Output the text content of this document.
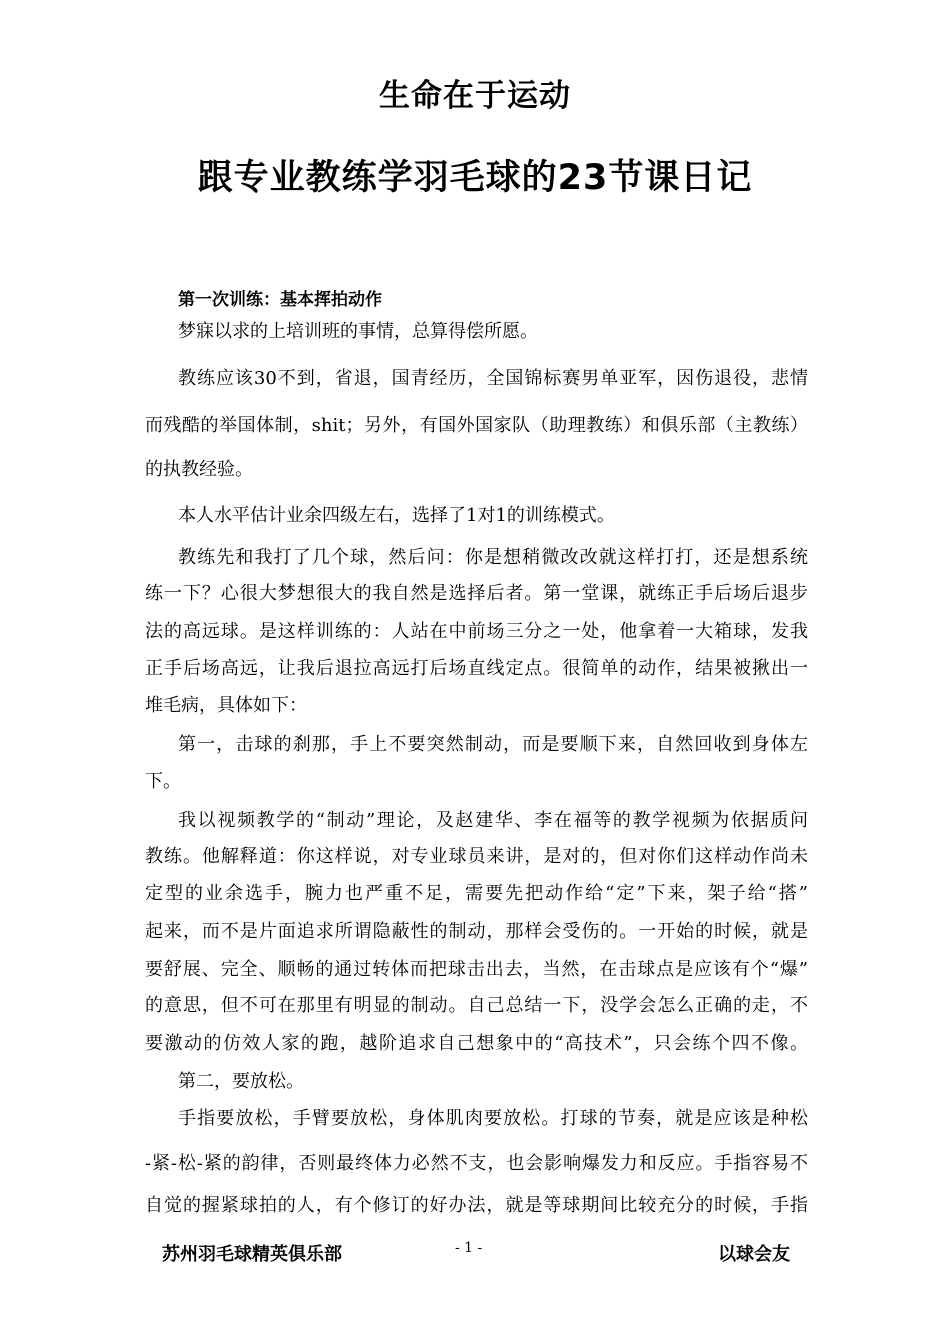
生命在于运动
跟专业教练学羽毛球的23节课日记
第一次训练：基本挥拍动作
梦寐以求的上培训班的事情，总算得偿所愿。
教练应该30不到，省退，国青经历，全国锦标赛男单亚军，因伤退役，悲情
而残酷的举国体制，shit；另外，有国外国家队（助理教练）和俱乐部（主教练）
的执教经验。
本人水平估计业余四级左右，选择了1对1的训练模式。
教练先和我打了几个球，然后问：你是想稍微改改就这样打打，还是想系统
练一下？心很大梦想很大的我自然是选择后者。第一堂课，就练正手后场后退步
法的高远球。是这样训练的：人站在中前场三分之一处，他拿着一大箱球，发我
正手后场高远，让我后退拉高远打后场直线定点。很简单的动作，结果被揪出一
堆毛病，具体如下：
第一，击球的刹那，手上不要突然制动，而是要顺下来，自然回收到身体左
下。
我以视频教学的“制动”理论，及赵建华、李在福等的教学视频为依据质问
教练。他解释道：你这样说，对专业球员来讲，是对的，但对你们这样动作尚未
定型的业余选手，腕力也严重不足，需要先把动作给“定”下来，架子给“搭”
起来，而不是片面追求所谓隐蔽性的制动，那样会受伤的。一开始的时候，就是
要舒展、完全、顺畅的通过转体而把球击出去，当然，在击球点是应该有个“爆”
的意思，但不可在那里有明显的制动。自己总结一下，没学会怎么正确的走，不
要激动的仿效人家的跑，越阶追求自己想象中的“高技术”，只会练个四不像。
第二，要放松。
手指要放松，手臂要放松，身体肌肉要放松。打球的节奏，就是应该是种松
-紧-松-紧的韵律，否则最终体力必然不支，也会影响爆发力和反应。手指容易不
自觉的握紧球拍的人，有个修订的好办法，就是等球期间比较充分的时候，手指
苏州羽毛球精英俱乐部	- 1 -	以球会友
